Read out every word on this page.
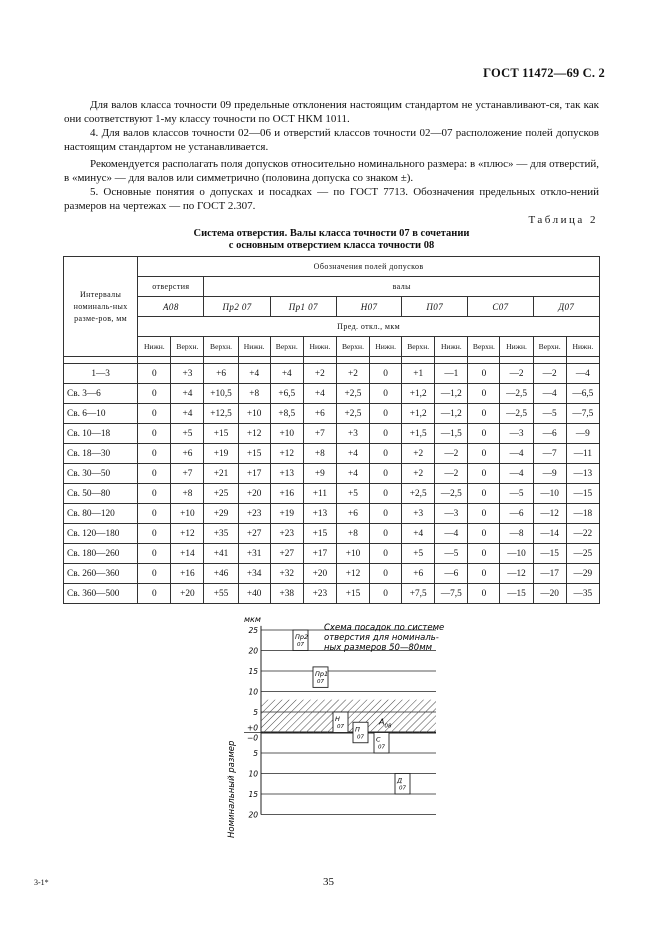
ГОСТ 11472—69 С. 2

Для валов класса точности 09 предельные отклонения настоящим стандартом не устанавливают-ся, так как они соответствуют 1-му классу точности по ОСТ НКМ 1011.

4. Для валов классов точности 02—06 и отверстий классов точности 02—07 расположение полей допусков настоящим стандартом не устанавливается.

Рекомендуется располагать поля допусков относительно номинального размера: в «плюс» — для отверстий, в «минус» — для валов или симметрично (половина допуска со знаком ±).

5. Основные понятия о допусках и посадках — по ГОСТ 7713. Обозначения предельных откло-нений размеров на чертежах — по ГОСТ 2.307.

Таблица 2
Система отверстия. Валы класса точности 07 в сочетании
с основным отверстием класса точности 08
Интервалы номиналь-ных разме-ров, мм	Обозначения полей допусков													
	отверстия		валы											
	А08		Пр2 07		Пр1 07		Н07		П07		С07		Д07	
	Пред. откл., мкм													
	Нижн.	Верхн.	Верхн.	Нижн.	Верхн.	Нижн.	Верхн.	Нижн.	Верхн.	Нижн.	Верхн.	Нижн.	Верхн.	Нижн.

1—3	0	+3	+6	+4	+4	+2	+2	0	+1	—1	0	—2	—2	—4
Св. 3—6	0	+4	+10,5	+8	+6,5	+4	+2,5	0	+1,2	—1,2	0	—2,5	—4	—6,5
Св. 6—10	0	+4	+12,5	+10	+8,5	+6	+2,5	0	+1,2	—1,2	0	—2,5	—5	—7,5
Св. 10—18	0	+5	+15	+12	+10	+7	+3	0	+1,5	—1,5	0	—3	—6	—9
Св. 18—30	0	+6	+19	+15	+12	+8	+4	0	+2	—2	0	—4	—7	—11
Св. 30—50	0	+7	+21	+17	+13	+9	+4	0	+2	—2	0	—4	—9	—13
Св. 50—80	0	+8	+25	+20	+16	+11	+5	0	+2,5	—2,5	0	—5	—10	—15
Св. 80—120	0	+10	+29	+23	+19	+13	+6	0	+3	—3	0	—6	—12	—18
Св. 120—180	0	+12	+35	+27	+23	+15	+8	0	+4	—4	0	—8	—14	—22
Св. 180—260	0	+14	+41	+31	+27	+17	+10	0	+5	—5	0	—10	—15	—25
Св. 260—360	0	+16	+46	+34	+32	+20	+12	0	+6	—6	0	—12	—17	—29
Св. 360—500	0	+20	+55	+40	+38	+23	+15	0	+7,5	—7,5	0	—15	—20	—35
25
20
15
10
5
+0
−0
5
10
15
20
$А_{08}$
Пр2 07
Пр1 07
Н 07 П 07 С 07
Д 07
мкм
Схема посадок по системе
отверстия для номиналь-
ных размеров 50—80мм
Номинальный размер
3-1*	35
